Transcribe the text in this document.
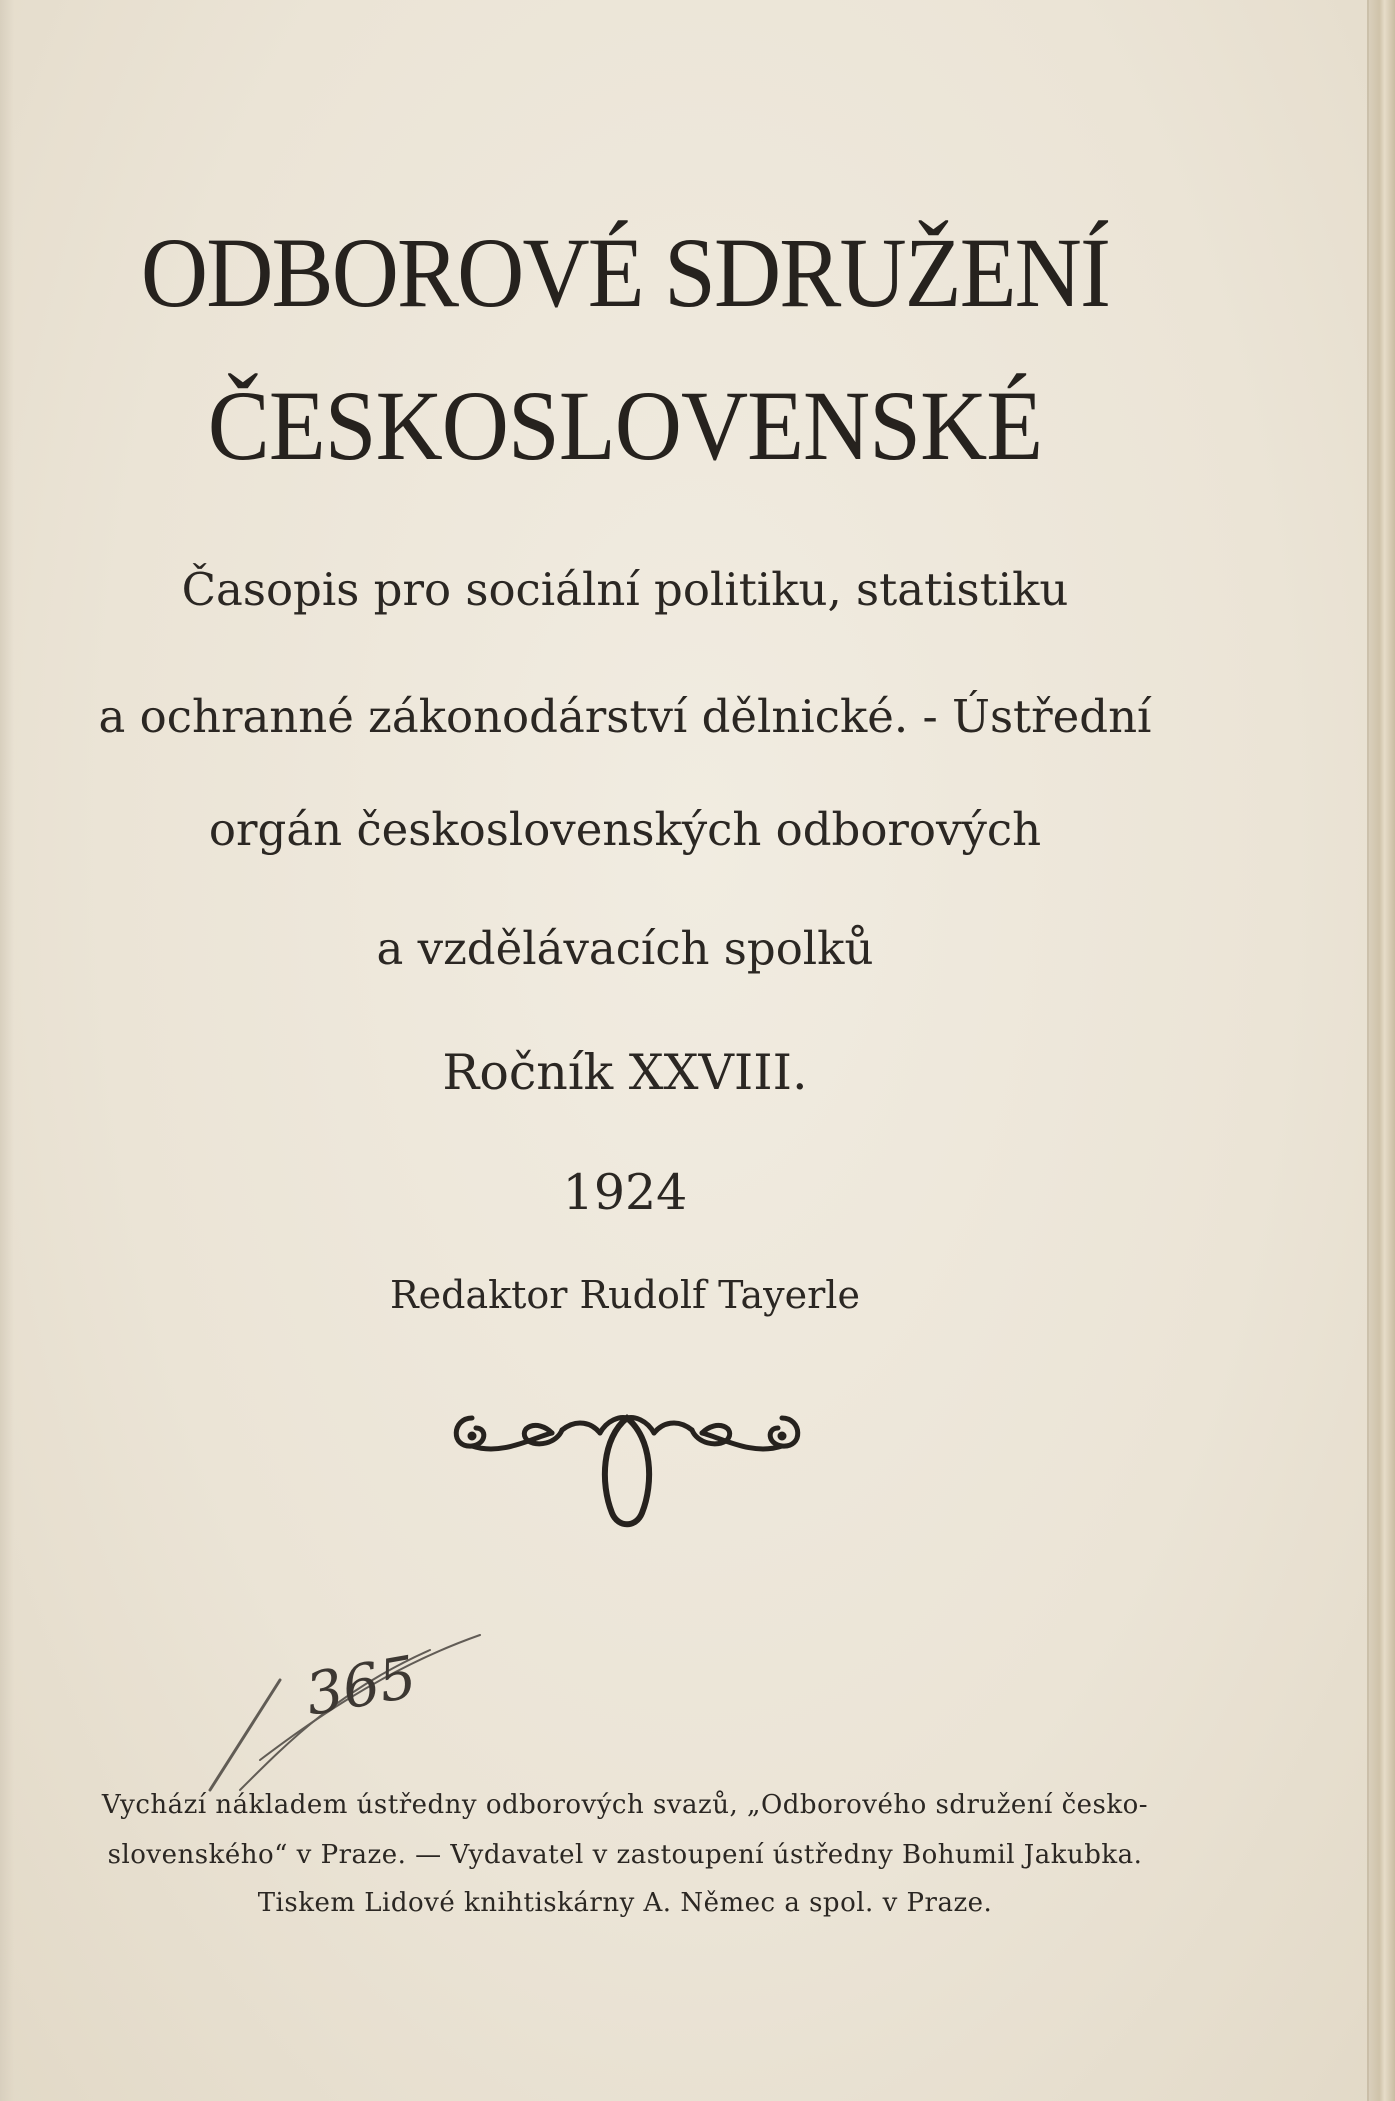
ODBOROVÉ SDRUŽENÍ
ČESKOSLOVENSKÉ
Časopis pro sociální politiku, statistiku
a ochranné zákonodárství dělnické. - Ústřední
orgán československých odborových
a vzdělávacích spolků
Ročník XXVIII.
1924
Redaktor Rudolf Tayerle
365
Vychází nákladem ústředny odborových svazů, „Odborového sdružení česko-
slovenského“ v Praze. — Vydavatel v zastoupení ústředny Bohumil Jakubka.
Tiskem Lidové knihtiskárny A. Němec a spol. v Praze.
